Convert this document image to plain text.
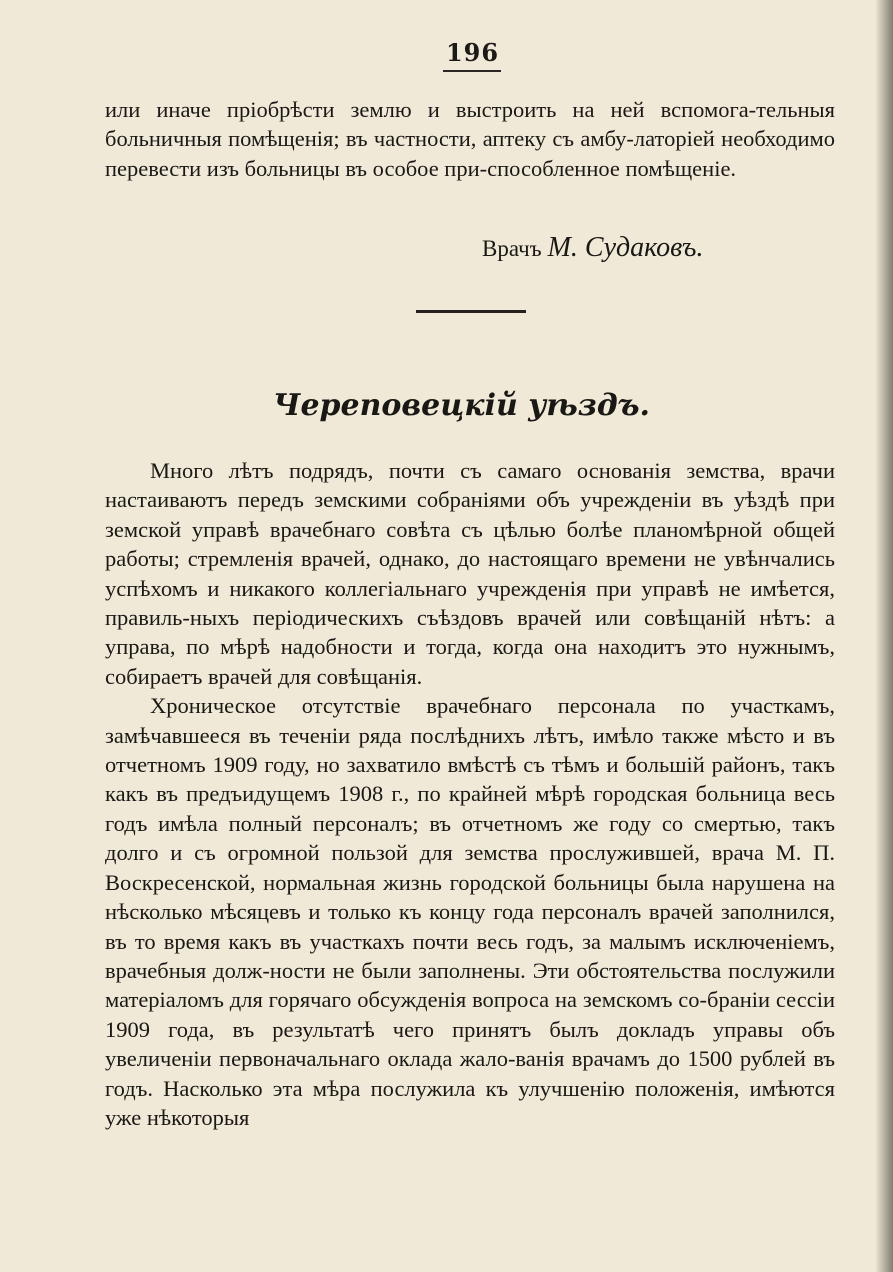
196

или иначе пріобрѣсти землю и выстроить на ней вспомога-тельныя больничныя помѣщенія; въ частности, аптеку съ амбу-латоріей необходимо перевести изъ больницы въ особое при-способленное помѣщеніе.

Врачъ М. Судаковъ.
Череповецкій уѣздъ.

Много лѣтъ подрядъ, почти съ самаго основанія земства, врачи настаиваютъ передъ земскими собраніями объ учрежденіи въ уѣздѣ при земской управѣ врачебнаго совѣта съ цѣлью болѣе планомѣрной общей работы; стремленія врачей, однако, до настоящаго времени не увѣнчались успѣхомъ и никакого коллегіальнаго учрежденія при управѣ не имѣется, правиль-ныхъ періодическихъ съѣздовъ врачей или совѣщаній нѣтъ: а управа, по мѣрѣ надобности и тогда, когда она находитъ это нужнымъ, собираетъ врачей для совѣщанія.

Хроническое отсутствіе врачебнаго персонала по участкамъ, замѣчавшееся въ теченіи ряда послѣднихъ лѣтъ, имѣло также мѣсто и въ отчетномъ 1909 году, но захватило вмѣстѣ съ тѣмъ и большій районъ, такъ какъ въ предъидущемъ 1908 г., по крайней мѣрѣ городская больница весь годъ имѣла полный персоналъ; въ отчетномъ же году со смертью, такъ долго и съ огромной пользой для земства прослужившей, врача М. П. Воскресенской, нормальная жизнь городской больницы была нарушена на нѣсколько мѣсяцевъ и только къ концу года персоналъ врачей заполнился, въ то время какъ въ участкахъ почти весь годъ, за малымъ исключеніемъ, врачебныя долж-ности не были заполнены. Эти обстоятельства послужили матеріаломъ для горячаго обсужденія вопроса на земскомъ со-браніи сессіи 1909 года, въ результатѣ чего принятъ былъ докладъ управы объ увеличеніи первоначальнаго оклада жало-ванія врачамъ до 1500 рублей въ годъ. Насколько эта мѣра послужила къ улучшенію положенія, имѣются уже нѣкоторыя
